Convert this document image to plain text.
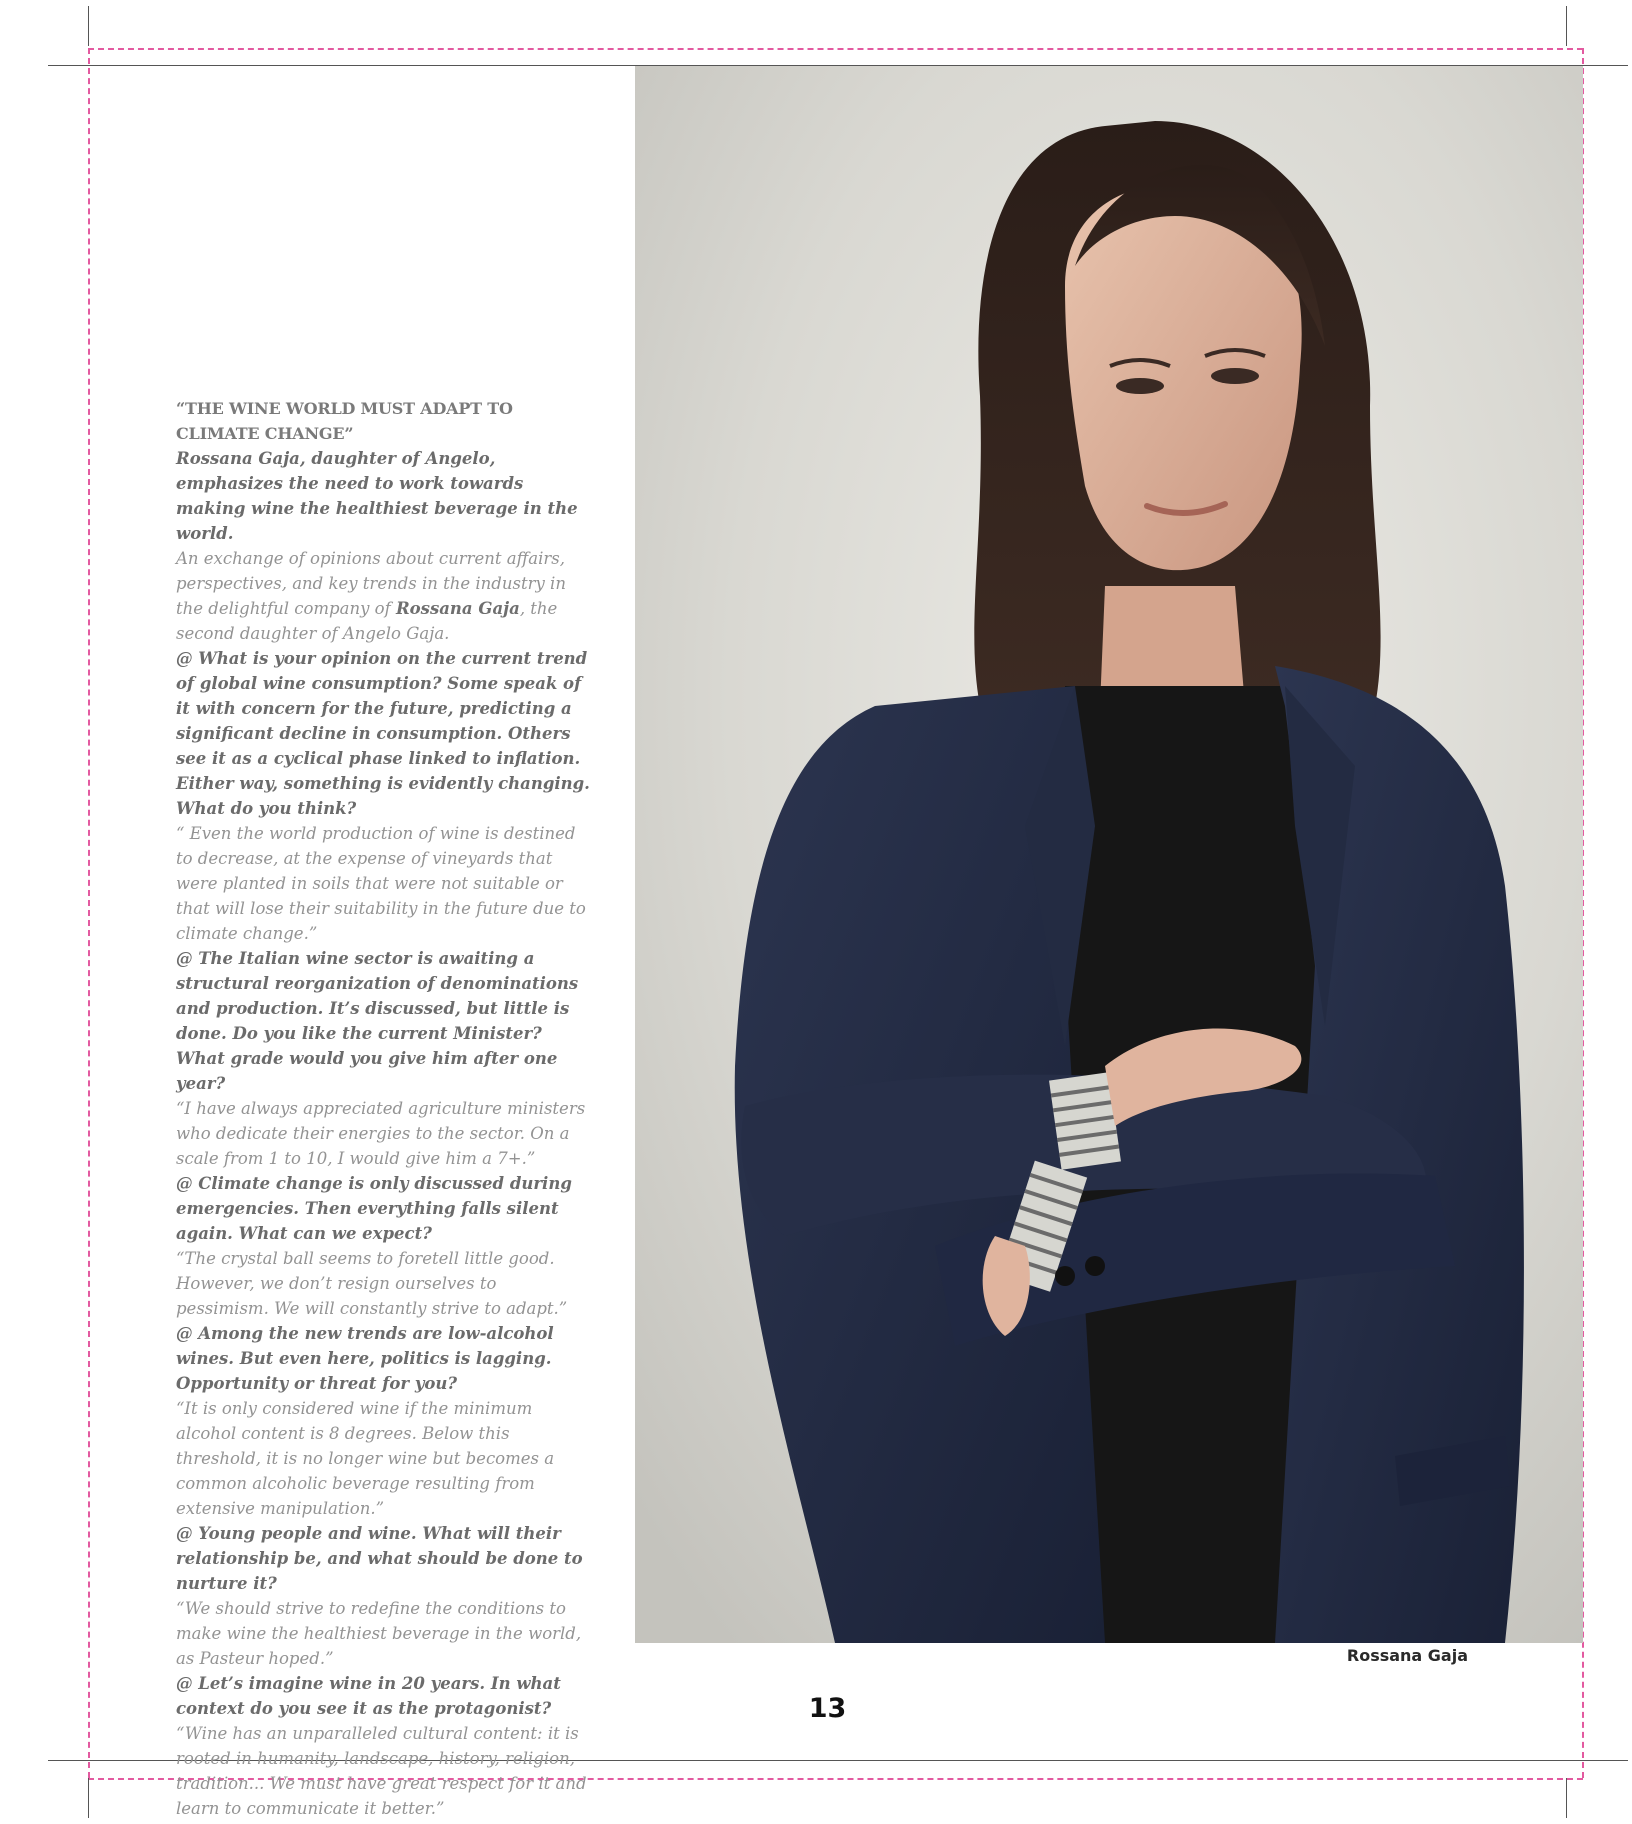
“THE WINE WORLD MUST ADAPT TO CLIMATE CHANGE”

Rossana Gaja, daughter of Angelo, emphasizes the need to work towards making wine the healthiest beverage in the world.

An exchange of opinions about current affairs, perspectives, and key trends in the industry in the delightful company of Rossana Gaja, the second daughter of Angelo Gaja.

@ What is your opinion on the current trend of global wine consumption? Some speak of it with concern for the future, predicting a significant decline in consumption. Others see it as a cyclical phase linked to inflation. Either way, something is evidently changing. What do you think?

“ Even the world production of wine is destined to decrease, at the expense of vineyards that were planted in soils that were not suitable or that will lose their suitability in the future due to climate change.”

@ The Italian wine sector is awaiting a structural reorganization of denominations and production. It’s discussed, but little is done. Do you like the current Minister? What grade would you give him after one year?

“I have always appreciated agriculture ministers who dedicate their energies to the sector. On a scale from 1 to 10, I would give him a 7+.”

@ Climate change is only discussed during emergencies. Then everything falls silent again. What can we expect?

“The crystal ball seems to foretell little good. However, we don’t resign ourselves to pessimism. We will constantly strive to adapt.”

@ Among the new trends are low-alcohol wines. But even here, politics is lagging. Opportunity or threat for you?

“It is only considered wine if the minimum alcohol content is 8 degrees. Below this threshold, it is no longer wine but becomes a common alcoholic beverage resulting from extensive manipulation.”

@ Young people and wine. What will their relationship be, and what should be done to nurture it?

“We should strive to redefine the conditions to make wine the healthiest beverage in the world, as Pasteur hoped.”

@ Let’s imagine wine in 20 years. In what context do you see it as the protagonist?

“Wine has an unparalleled cultural content: it is rooted in humanity, landscape, history, religion, tradition... We must have great respect for it and learn to communicate it better.”

Rossana Gaja
13
